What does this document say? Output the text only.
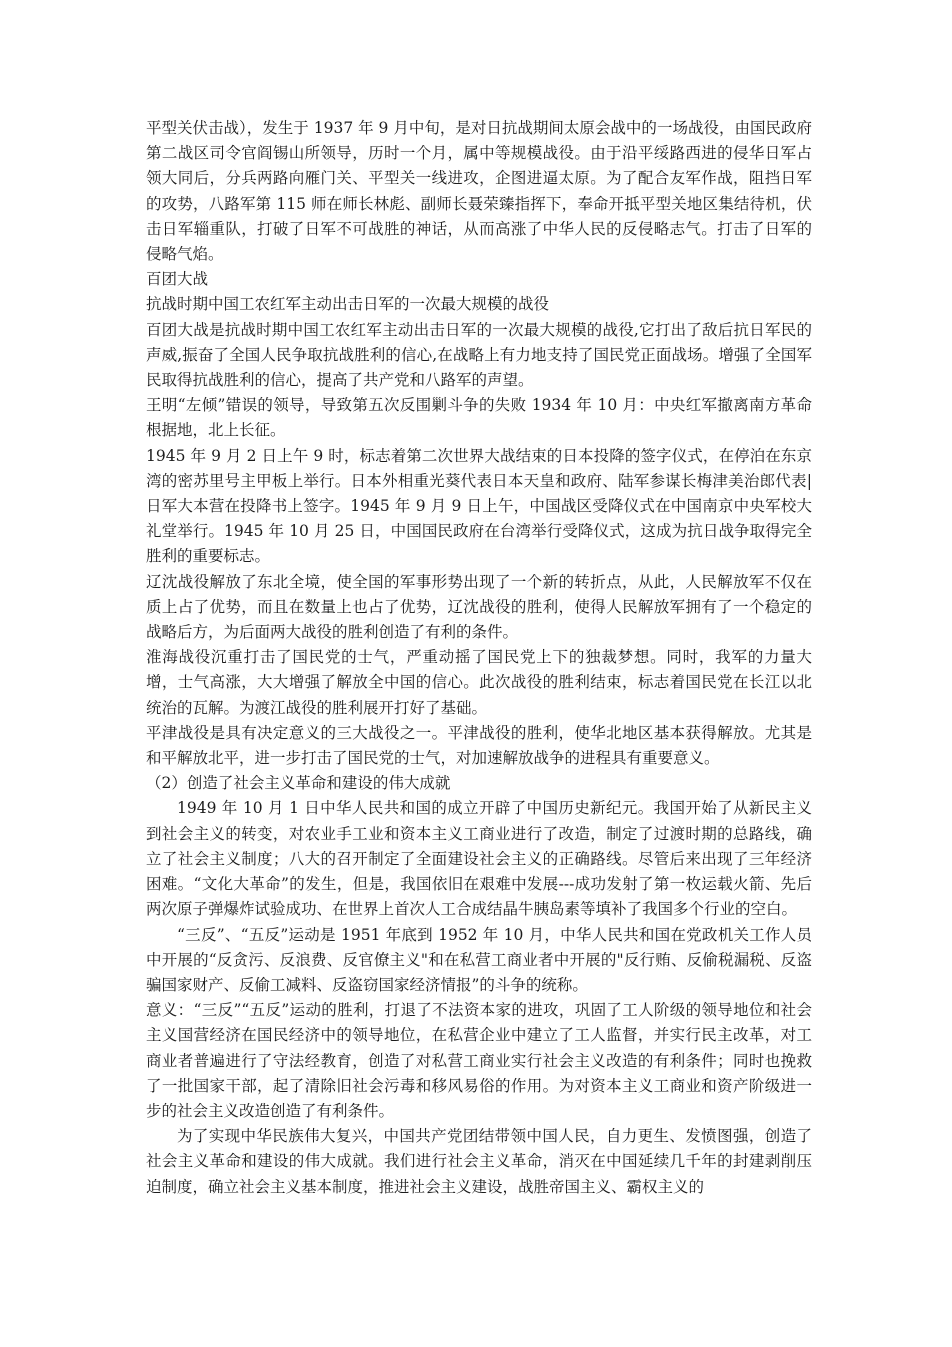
平型关伏击战），发生于 1937 年 9 月中旬，是对日抗战期间太原会战中的一场战役，由国民政府第二战区司令官阎锡山所领导，历时一个月，属中等规模战役。由于沿平绥路西进的侵华日军占领大同后，分兵两路向雁门关、平型关一线进攻，企图进逼太原。为了配合友军作战，阻挡日军的攻势，八路军第 115 师在师长林彪、副师长聂荣臻指挥下，奉命开抵平型关地区集结待机，伏击日军辎重队，打破了日军不可战胜的神话，从而高涨了中华人民的反侵略志气。打击了日军的侵略气焰。

百团大战

抗战时期中国工农红军主动出击日军的一次最大规模的战役

百团大战是抗战时期中国工农红军主动出击日军的一次最大规模的战役,它打出了敌后抗日军民的声威,振奋了全国人民争取抗战胜利的信心,在战略上有力地支持了国民党正面战场。增强了全国军民取得抗战胜利的信心，提高了共产党和八路军的声望。

王明“左倾”错误的领导，导致第五次反围剿斗争的失败 1934 年 10 月：中央红军撤离南方革命根据地，北上长征。

1945 年 9 月 2 日上午 9 时，标志着第二次世界大战结束的日本投降的签字仪式，在停泊在东京湾的密苏里号主甲板上举行。日本外相重光葵代表日本天皇和政府、陆军参谋长梅津美治郎代表|日军大本营在投降书上签字。1945 年 9 月 9 日上午，中国战区受降仪式在中国南京中央军校大礼堂举行。1945 年 10 月 25 日，中国国民政府在台湾举行受降仪式，这成为抗日战争取得完全胜利的重要标志。

辽沈战役解放了东北全境，使全国的军事形势出现了一个新的转折点，从此，人民解放军不仅在质上占了优势，而且在数量上也占了优势，辽沈战役的胜利，使得人民解放军拥有了一个稳定的战略后方，为后面两大战役的胜利创造了有利的条件。

淮海战役沉重打击了国民党的士气，严重动摇了国民党上下的独裁梦想。同时，我军的力量大增，士气高涨，大大增强了解放全中国的信心。此次战役的胜利结束，标志着国民党在长江以北统治的瓦解。为渡江战役的胜利展开打好了基础。

平津战役是具有决定意义的三大战役之一。平津战役的胜利，使华北地区基本获得解放。尤其是和平解放北平，进一步打击了国民党的士气，对加速解放战争的进程具有重要意义。

（2）创造了社会主义革命和建设的伟大成就

1949 年 10 月 1 日中华人民共和国的成立开辟了中国历史新纪元。我国开始了从新民主义到社会主义的转变，对农业手工业和资本主义工商业进行了改造，制定了过渡时期的总路线，确立了社会主义制度；八大的召开制定了全面建设社会主义的正确路线。尽管后来出现了三年经济困难。“文化大革命”的发生，但是，我国依旧在艰难中发展---成功发射了第一枚运载火箭、先后两次原子弹爆炸试验成功、在世界上首次人工合成结晶牛胰岛素等填补了我国多个行业的空白。

“三反”、“五反”运动是 1951 年底到 1952 年 10 月，中华人民共和国在党政机关工作人员中开展的“反贪污、反浪费、反官僚主义"和在私营工商业者中开展的"反行贿、反偷税漏税、反盗骗国家财产、反偷工减料、反盗窃国家经济情报”的斗争的统称。

意义：“三反”“五反”运动的胜利，打退了不法资本家的进攻，巩固了工人阶级的领导地位和社会主义国营经济在国民经济中的领导地位，在私营企业中建立了工人监督，并实行民主改革，对工商业者普遍进行了守法经教育，创造了对私营工商业实行社会主义改造的有利条件；同时也挽救了一批国家干部，起了清除旧社会污毒和移风易俗的作用。为对资本主义工商业和资产阶级进一步的社会主义改造创造了有利条件。

为了实现中华民族伟大复兴，中国共产党团结带领中国人民，自力更生、发愤图强，创造了社会主义革命和建设的伟大成就。我们进行社会主义革命，消灭在中国延续几千年的封建剥削压迫制度，确立社会主义基本制度，推进社会主义建设，战胜帝国主义、霸权主义的
